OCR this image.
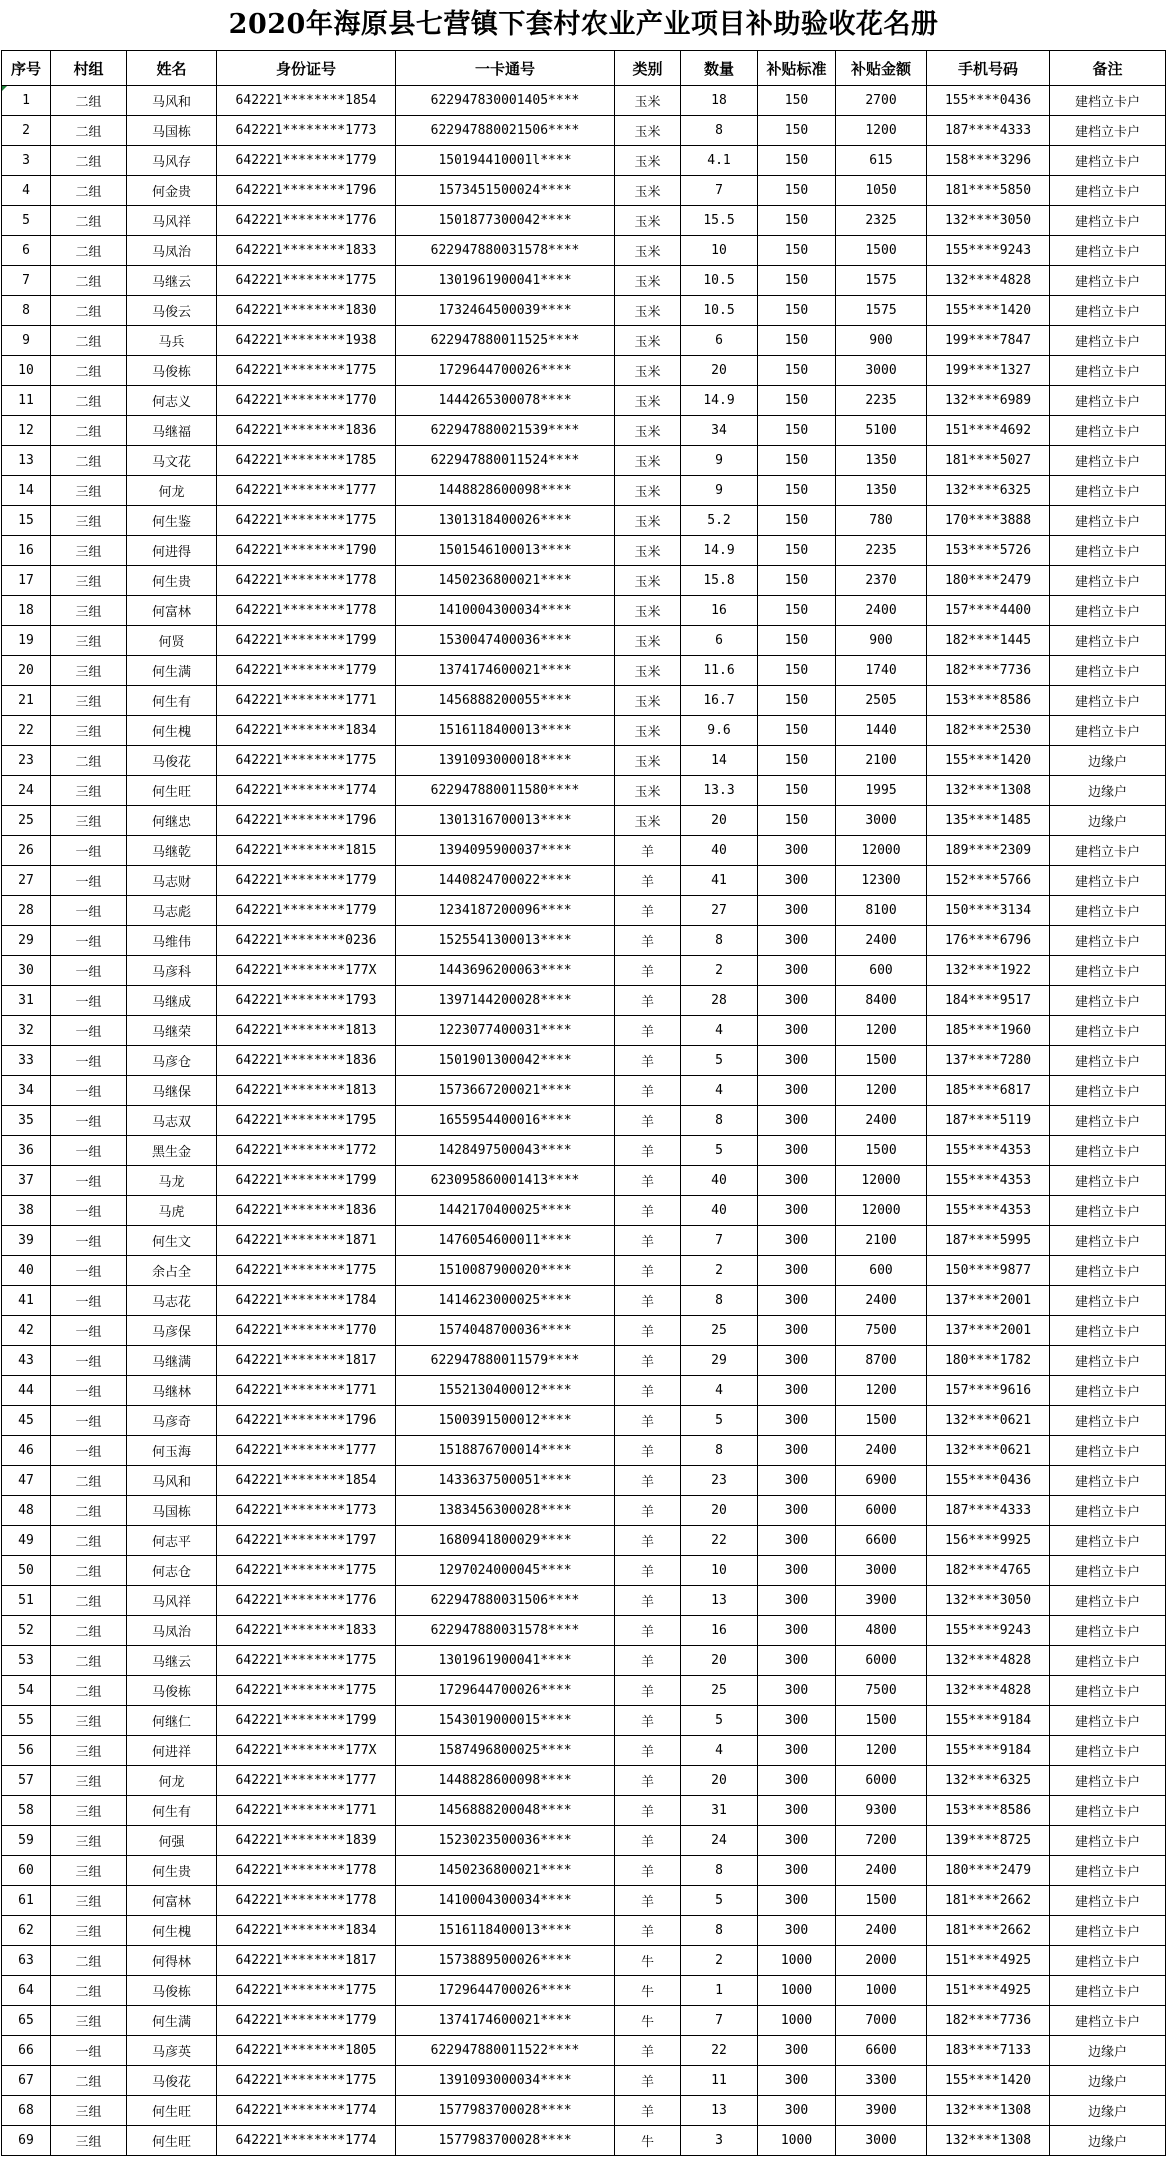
2020年海原县七营镇下套村农业产业项目补助验收花名册
序号	村组	姓名	身份证号	一卡通号	类别	数量	补贴标准	补贴金额	手机号码	备注
1	二组	马风和	642221********1854	622947830001405****	玉米	18	150	2700	155****0436	建档立卡户
2	二组	马国栋	642221********1773	622947880021506****	玉米	8	150	1200	187****4333	建档立卡户
3	二组	马风存	642221********1779	150194410001l****	玉米	4.1	150	615	158****3296	建档立卡户
4	二组	何金贵	642221********1796	1573451500024****	玉米	7	150	1050	181****5850	建档立卡户
5	二组	马风祥	642221********1776	1501877300042****	玉米	15.5	150	2325	132****3050	建档立卡户
6	二组	马凤治	642221********1833	622947880031578****	玉米	10	150	1500	155****9243	建档立卡户
7	二组	马继云	642221********1775	1301961900041****	玉米	10.5	150	1575	132****4828	建档立卡户
8	二组	马俊云	642221********1830	1732464500039****	玉米	10.5	150	1575	155****1420	建档立卡户
9	二组	马兵	642221********1938	622947880011525****	玉米	6	150	900	199****7847	建档立卡户
10	二组	马俊栋	642221********1775	1729644700026****	玉米	20	150	3000	199****1327	建档立卡户
11	二组	何志义	642221********1770	1444265300078****	玉米	14.9	150	2235	132****6989	建档立卡户
12	二组	马继福	642221********1836	622947880021539****	玉米	34	150	5100	151****4692	建档立卡户
13	二组	马文花	642221********1785	622947880011524****	玉米	9	150	1350	181****5027	建档立卡户
14	三组	何龙	642221********1777	1448828600098****	玉米	9	150	1350	132****6325	建档立卡户
15	三组	何生鉴	642221********1775	1301318400026****	玉米	5.2	150	780	170****3888	建档立卡户
16	三组	何进得	642221********1790	1501546100013****	玉米	14.9	150	2235	153****5726	建档立卡户
17	三组	何生贵	642221********1778	1450236800021****	玉米	15.8	150	2370	180****2479	建档立卡户
18	三组	何富林	642221********1778	1410004300034****	玉米	16	150	2400	157****4400	建档立卡户
19	三组	何贤	642221********1799	1530047400036****	玉米	6	150	900	182****1445	建档立卡户
20	三组	何生满	642221********1779	1374174600021****	玉米	11.6	150	1740	182****7736	建档立卡户
21	三组	何生有	642221********1771	1456888200055****	玉米	16.7	150	2505	153****8586	建档立卡户
22	三组	何生槐	642221********1834	1516118400013****	玉米	9.6	150	1440	182****2530	建档立卡户
23	二组	马俊花	642221********1775	1391093000018****	玉米	14	150	2100	155****1420	边缘户
24	三组	何生旺	642221********1774	622947880011580****	玉米	13.3	150	1995	132****1308	边缘户
25	三组	何继忠	642221********1796	1301316700013****	玉米	20	150	3000	135****1485	边缘户
26	一组	马继乾	642221********1815	1394095900037****	羊	40	300	12000	189****2309	建档立卡户
27	一组	马志财	642221********1779	1440824700022****	羊	41	300	12300	152****5766	建档立卡户
28	一组	马志彪	642221********1779	1234187200096****	羊	27	300	8100	150****3134	建档立卡户
29	一组	马维伟	642221********0236	1525541300013****	羊	8	300	2400	176****6796	建档立卡户
30	一组	马彦科	642221********177X	1443696200063****	羊	2	300	600	132****1922	建档立卡户
31	一组	马继成	642221********1793	1397144200028****	羊	28	300	8400	184****9517	建档立卡户
32	一组	马继荣	642221********1813	1223077400031****	羊	4	300	1200	185****1960	建档立卡户
33	一组	马彦仓	642221********1836	1501901300042****	羊	5	300	1500	137****7280	建档立卡户
34	一组	马继保	642221********1813	1573667200021****	羊	4	300	1200	185****6817	建档立卡户
35	一组	马志双	642221********1795	1655954400016****	羊	8	300	2400	187****5119	建档立卡户
36	一组	黑生金	642221********1772	1428497500043****	羊	5	300	1500	155****4353	建档立卡户
37	一组	马龙	642221********1799	623095860001413****	羊	40	300	12000	155****4353	建档立卡户
38	一组	马虎	642221********1836	1442170400025****	羊	40	300	12000	155****4353	建档立卡户
39	一组	何生文	642221********1871	1476054600011****	羊	7	300	2100	187****5995	建档立卡户
40	一组	余占全	642221********1775	1510087900020****	羊	2	300	600	150****9877	建档立卡户
41	一组	马志花	642221********1784	1414623000025****	羊	8	300	2400	137****2001	建档立卡户
42	一组	马彦保	642221********1770	1574048700036****	羊	25	300	7500	137****2001	建档立卡户
43	一组	马继满	642221********1817	622947880011579****	羊	29	300	8700	180****1782	建档立卡户
44	一组	马继林	642221********1771	1552130400012****	羊	4	300	1200	157****9616	建档立卡户
45	一组	马彦奇	642221********1796	1500391500012****	羊	5	300	1500	132****0621	建档立卡户
46	一组	何玉海	642221********1777	1518876700014****	羊	8	300	2400	132****0621	建档立卡户
47	二组	马风和	642221********1854	1433637500051****	羊	23	300	6900	155****0436	建档立卡户
48	二组	马国栋	642221********1773	1383456300028****	羊	20	300	6000	187****4333	建档立卡户
49	二组	何志平	642221********1797	1680941800029****	羊	22	300	6600	156****9925	建档立卡户
50	二组	何志仓	642221********1775	1297024000045****	羊	10	300	3000	182****4765	建档立卡户
51	二组	马风祥	642221********1776	622947880031506****	羊	13	300	3900	132****3050	建档立卡户
52	二组	马凤治	642221********1833	622947880031578****	羊	16	300	4800	155****9243	建档立卡户
53	二组	马继云	642221********1775	1301961900041****	羊	20	300	6000	132****4828	建档立卡户
54	二组	马俊栋	642221********1775	1729644700026****	羊	25	300	7500	132****4828	建档立卡户
55	三组	何继仁	642221********1799	1543019000015****	羊	5	300	1500	155****9184	建档立卡户
56	三组	何进祥	642221********177X	1587496800025****	羊	4	300	1200	155****9184	建档立卡户
57	三组	何龙	642221********1777	1448828600098****	羊	20	300	6000	132****6325	建档立卡户
58	三组	何生有	642221********1771	1456888200048****	羊	31	300	9300	153****8586	建档立卡户
59	三组	何强	642221********1839	1523023500036****	羊	24	300	7200	139****8725	建档立卡户
60	三组	何生贵	642221********1778	1450236800021****	羊	8	300	2400	180****2479	建档立卡户
61	三组	何富林	642221********1778	1410004300034****	羊	5	300	1500	181****2662	建档立卡户
62	三组	何生槐	642221********1834	1516118400013****	羊	8	300	2400	181****2662	建档立卡户
63	二组	何得林	642221********1817	1573889500026****	牛	2	1000	2000	151****4925	建档立卡户
64	二组	马俊栋	642221********1775	1729644700026****	牛	1	1000	1000	151****4925	建档立卡户
65	三组	何生满	642221********1779	1374174600021****	牛	7	1000	7000	182****7736	建档立卡户
66	一组	马彦英	642221********1805	622947880011522****	羊	22	300	6600	183****7133	边缘户
67	二组	马俊花	642221********1775	1391093000034****	羊	11	300	3300	155****1420	边缘户
68	三组	何生旺	642221********1774	1577983700028****	羊	13	300	3900	132****1308	边缘户
69	三组	何生旺	642221********1774	1577983700028****	牛	3	1000	3000	132****1308	边缘户
